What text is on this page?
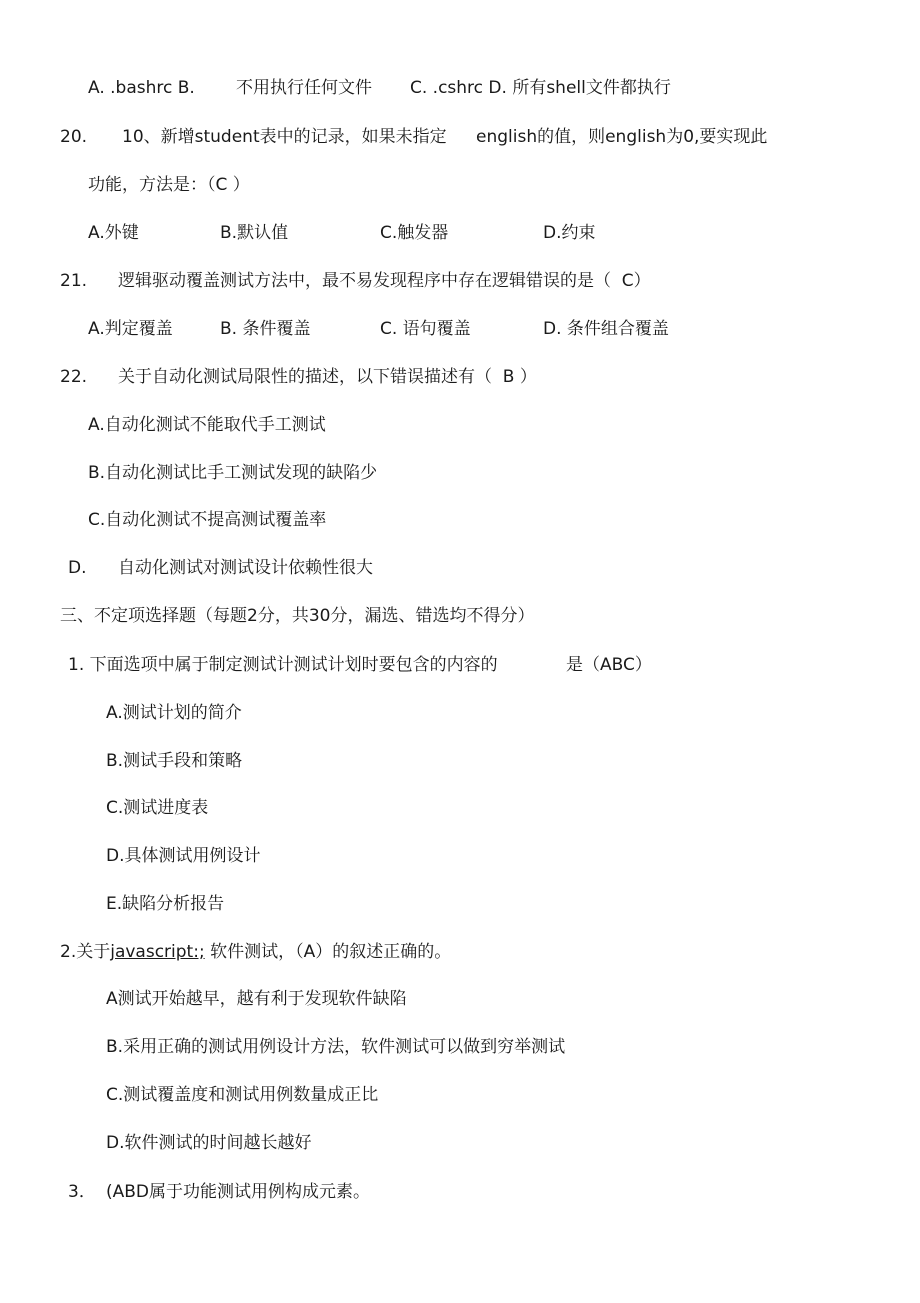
A. .bashrc B. 不用执行任何文件 C. .cshrc D. 所有shell文件都执行
20. 10、新增student表中的记录，如果未指定 english的值，则english为0,要实现此
功能，方法是：（C ）
A.外键	B.默认值	C.触发器	D.约束
21. 逻辑驱动覆盖测试方法中，最不易发现程序中存在逻辑错误的是（  C）
A.判定覆盖	B. 条件覆盖	C. 语句覆盖	D. 条件组合覆盖
22. 关于自动化测试局限性的描述，以下错误描述有（  B ）
A.自动化测试不能取代手工测试
B.自动化测试比手工测试发现的缺陷少
C.自动化测试不提高测试覆盖率
D. 自动化测试对测试设计依赖性很大
三、不定项选择题（每题2分，共30分，漏选、错选均不得分）
1. 下面选项中属于制定测试计测试计划时要包含的内容的	是（ABC）
A.测试计划的简介
B.测试手段和策略
C.测试进度表
D.具体测试用例设计
E.缺陷分析报告
2.关于javascript:; 软件测试，（A）的叙述正确的。
A测试开始越早，越有利于发现软件缺陷
B.采用正确的测试用例设计方法，软件测试可以做到穷举测试
C.测试覆盖度和测试用例数量成正比
D.软件测试的时间越长越好
3． (ABD属于功能测试用例构成元素。
